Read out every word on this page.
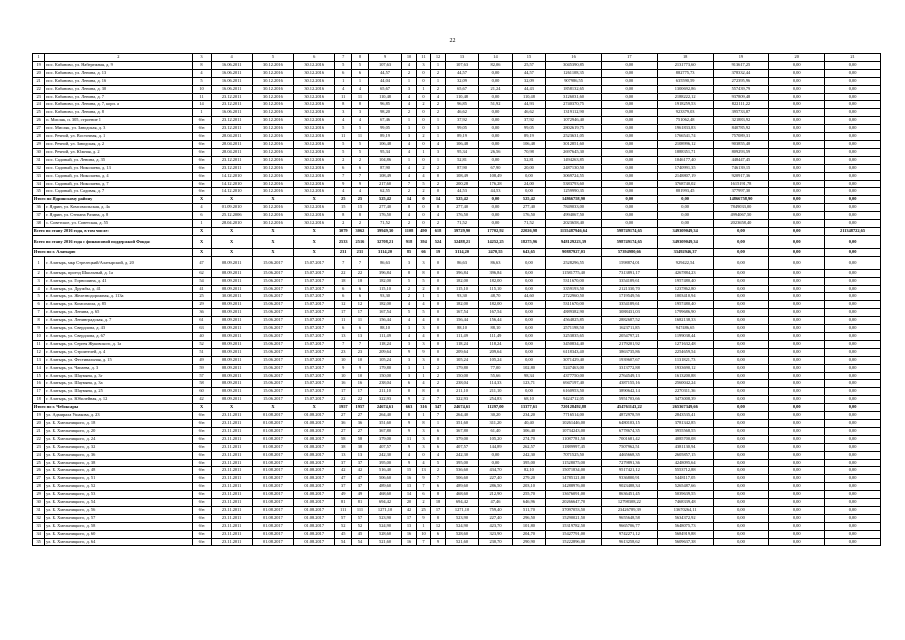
22
1	2	3	4	5	6	7	8	9	10	11	12	13	14	15	16	17	18	19	20	21
19	пос. Кабаново, ул. Набережная, д. 9	8	16.06.2011	30.12.2016	30.12.2016	5	5	107,63	4	3	1	107,63	82,06	25,57	3045390,85	0,00	2131773,60	913617,25	0,00	0,00
20	пос. Кабаново, ул. Ленина, д. 13	4	16.06.2011	30.12.2016	30.12.2016	6	6	44,57	2	0	2	44,57	0,00	44,57	1261108,35	0,00	882775,73	378332,44	0,00	0,00
21	пос. Кабаново, ул. Ленина, д. 16	5	16.06.2011	30.12.2016	30.12.2016	1	1	44,04	1	0	1	32,09	0,00	32,09	907986,55	0,00	635590,59	272395,96	0,00	0,00
22	пос. Кабаново, ул. Ленина, д. 30	10	16.06.2011	30.12.2016	30.12.2016	4	4	65,67	3	1	2	65,67	21,24	44,43	1858132,65	0,00	1300692,86	557439,79	0,00	0,00
23	пос. Кабаново, ул. Ленина, д. 7	11	23.12.2011	30.12.2016	30.12.2016	11	11	110,48	4	0	4	110,48	0,00	110,48	3126031,60	0,00	2188222,12	937809,48	0,00	0,00
24	пос. Кабаново, ул. Ленина, д. 7, корп. а	14	23.12.2011	30.12.2016	30.12.2016	8	8	96,85	4	2	2	96,85	51,92	44,93	2740370,75	0,00	1918259,53	822111,22	0,00	0,00
25	пос. Кабаново, ул. Ленина, д. 8	1	16.06.2011	30.12.2016	30.12.2016	3	3	98,20	2	0	2	46,62	0,00	46,62	1319112,90	0,00	923379,03	395733,87	0,00	0,00
26	п. Мисляк, п. 305, строение 1	б/н	23.12.2011	30.12.2016	30.12.2016	4	4	67,46	1	0	1	37,92	0,00	37,92	1072946,40	0,00	751062,48	321883,92	0,00	0,00
27	пос. Мисляк, ул. Заводская, д. 3	б/н	23.12.2011	30.12.2016	30.12.2016	5	5	99,05	3	0	3	99,05	0,00	99,05	2802619,75	0,00	1961833,83	840785,92	0,00	0,00
28	пос. Речной, ул. Восточная, д. 1	б/н	28.04.2011	30.12.2016	30.12.2016	11	11	89,19	3	2	1	89,19	0,00	89,19	2523631,05	0,00	1766541,74	757089,31	0,00	0,00
29	пос. Речной, ул. Заводская, д. 2	б/н	28.04.2011	30.12.2016	30.12.2016	5	5	106,48	4	0	4	106,48	0,00	106,48	3012851,60	0,00	2108996,12	903855,48	0,00	0,00
30	пос. Речной, ул. Южная, д. 2	б/н	28.04.2011	30.12.2016	30.12.2016	5	5	95,34	4	1	3	95,34	26,56	70,98	2697645,30	0,00	1888351,71	809293,59	0,00	0,00
31	пос. Садовый, ул. Ленина, д. 35	б/н	23.12.2011	30.12.2016	30.12.2016	2	2	104,86	1	0	1	52,81	0,00	52,81	1494263,85	0,00	1046177,40	448447,45	0,00	0,00
32	пос. Садовый, ул. Николаева, д. 13	б/н	23.12.2011	30.12.2016	30.12.2016	6	6	87,90	4	2	2	87,90	67,90	20,00	2487130,50	0,00	1740991,35	746139,15	0,00	0,00
33	пос. Садовый, ул. Николаева, д. 4	б/н	14.12.2010	30.12.2016	30.12.2016	7	7	108,49	4	4	0	108,49	108,49	0,00	3069724,55	0,00	2148807,19	920917,36	0,00	0,00
34	пос. Садовый, ул. Николаева, д. 7	б/н	14.12.2010	30.12.2016	30.12.2016	9	9	217,60	7	5	2	200,28	176,28	24,00	5383793,60	0,00	3768740,02	1615191,78	0,00	0,00
35	пос. Садовый, ул. Садовая, д. 7	б/н	14.12.2010	30.12.2016	30.12.2016	4	4	62,55	2	2	0	44,53	44,53	0,00	1259990,35	0,00	881993,45	377997,30	0,00	0,00
Итого по Ядринскому району		X	X	X	X	25	25	525,42	14	0	14	525,42	0,00	525,42	14866758,90	0,00	0,00	14866758,90	0,00	0,00
36	г. Ядрин, ул. Комсомольская, д. 4а	4	01.09.2010	30.12.2016	30.12.2016	15	15	277,40	8	0	8	277,40	0,00	277,40	7849033,00	0,00	0,00	7849033,00	0,00	0,00
37	г. Ядрин, ул. Степана Разина, д. 8	6	25.12.2006	30.12.2016	30.12.2016	8	8	176,50	4	0	4	176,50	0,00	176,50	4994067,50	0,00	0,00	4994067,50	0,00	0,00
38	с. Советское, ул. Советская, д. 55	1	28.04.2010	30.12.2016	30.12.2016	2	2	71,52	2	0	2	71,52	0,00	71,52	2023658,40	0,00	0,00	2023658,40	0,00	0,00
Всего по этапу 2016 года, в том числе:		X	X	X	X	3079	3062	39949,30	1108	490	618	39729,90	17702,92	22026,98	1155487946,64	598749174,65	349309049,34	0,00	0,00	211348722,65
Всего по этапу 2016 года с финансовой поддержкой Фонда:		X	X	X	X	2533	2516	32708,21	918	394	524	32488,21	14252,25	18275,96	948129223,39	598749174,65	349309049,34	0,00	0,00	0,00
Итого по г. Алатырю		X	X	X	X	231	231	3114,20	85	66	19	3114,20	2470,55	643,65	90887927,03	57394980,66	33492946,37	0,00	0,00	0,00
1	г. Алатырь, мкр Стрелецкий/Алатырский, д. 20	47	08.09.2011	15.06.2017	15.07.2017	7	7	86,63	3	3	0	86,63	86,63	0,00	2528296,55	1598874,01	929422,54	0,00	0,00	0,00
2	г. Алатырь, проезд Школьный, д. 1а	62	08.09.2011	15.06.2017	15.07.2017	22	22	396,84	8	8	0	396,84	396,84	0,00	11581775,40	7313891,17	4267884,23	0,00	0,00	0,00
3	г. Алатырь, ул. Горношина, д. 41	54	08.09.2011	15.06.2017	15.07.2017	18	18	182,00	5	5	0	182,00	182,00	0,00	5311670,00	3354189,61	1957480,40	0,00	0,00	0,00
4	г. Алатырь, ул. Дружбы, д. 41	41	08.09.2011	15.06.2017	15.07.2017	6	6	115,10	2	2	0	115,10	115,10	0,00	3359193,50	2121330,70	1237862,80	0,00	0,00	0,00
5	г. Алатырь, ул. Железнодорожная, д. 113а	25	30.08.2011	15.06.2017	15.07.2017	6	6	93,30	2	1	1	93,30	48,70	44,60	2722960,50	1719549,56	1003410,94	0,00	0,00	0,00
6	г. Алатырь, ул. Комсомола, д. 85	29	08.09.2011	15.06.2017	15.07.2017	12	12	182,00	4	4	0	182,00	182,00	0,00	5311670,00	3354189,61	1957480,40	0,00	0,00	0,00
7	г. Алатырь, ул. Ленина, д. 65	36	08.09.2011	15.06.2017	15.07.2017	17	17	167,54	5	5	0	167,54	167,54	0,00	4889382,90	3088431,03	1799686,90	0,00	0,00	0,00
8	г. Алатырь, ул. Ленинградская, д. 7	61	08.09.2011	15.06.2017	15.07.2017	11	11	156,44	4	4	0	156,44	156,44	0,00	4564825,85	2882687,52	1682138,33	0,00	0,00	0,00
9	г. Алатырь, ул. Свердлова, д. 43	63	08.09.2011	15.06.2017	15.07.2017	6	6	88,10	3	3	0	88,10	88,10	0,00	2571198,50	1623711,85	947486,65	0,00	0,00	0,00
10	г. Алатырь, ул. Свердлова, д. 67	40	08.09.2011	15.06.2017	15.07.2017	13	13	111,49	4	4	0	111,49	111,49	0,00	3253835,65	2054797,21	1199038,44	0,00	0,00	0,00
11	г. Алатырь, ул. Сергея Жуковского, д. 1а	52	08.09.2011	15.06.2017	15.07.2017	7	7	118,24	3	3	0	118,24	118,24	0,00	3450834,40	2179201,92	1271632,48	0,00	0,00	0,00
12	г. Алатырь, ул. Строителей, д. 4	51	08.09.2011	15.06.2017	15.07.2017	23	23	209,64	9	9	0	209,64	209,64	0,00	6118343,40	3863735,86	2254659,54	0,00	0,00	0,00
13	г. Алатырь, ул. Фестивальная, д. 15	49	08.09.2011	15.06.2017	15.07.2017	10	10	105,24	3	3	0	105,24	105,24	0,00	3071429,40	1939607,67	1131821,73	0,00	0,00	0,00
14	г. Алатырь, ул. Чапаева, д. 3	59	08.09.2011	15.06.2017	15.07.2017	9	9	179,80	3	1	2	179,80	77,00	102,80	5247463,00	3313772,88	1933690,12	0,00	0,00	0,00
15	г. Алатырь, ул. Шаумяна, д. 3г	57	08.09.2011	15.06.2017	15.07.2017	10	10	150,00	3	1	2	150,00	55,66	98,34	4377750,00	2764549,13	1613200,88	0,00	0,00	0,00
16	г. Алатырь, ул. Шаумяна, д. 3а	58	08.09.2011	15.06.2017	15.07.2017	16	16	238,04	6	4	2	238,04	114,33	123,71	6947197,40	4387155,16	2560042,24	0,00	0,00	0,00
17	г. Алатырь, ул. Шаумяна, д. 25	60	08.09.2011	15.06.2017	15.07.2017	17	17	211,10	8	8	0	211,10	211,10	0,00	6160953,50	3890642,14	2270311,36	0,00	0,00	0,00
18	г. Алатырь, ул. Юбилейная, д. 12	42	08.09.2011	15.06.2017	15.07.2017	22	22	322,93	9	2	7	322,93	254,83	68,10	9424712,05	5951703,66	3473008,39	0,00	0,00	0,00
Итого по г. Чебоксары		X	X	X	X	1957	1957	24674,61	663	316	347	24674,61	11297,00	13377,61	720128492,88	454761143,22	265367349,66	0,00	0,00	0,00
19	ул. Адмирала Ушакова, д. 23	б/н	23.11.2011	01.08.2017	01.08.2017	27	27	264,40	8	1	7	264,40	30,20	234,20	7716514,00	4872978,59	2843535,41	0,00	0,00	0,00
20	ул. Б. Хмельницкого, д. 18	б/н	23.11.2011	01.08.2017	01.08.2017	36	36	351,60	9	8	1	351,60	311,20	40,40	10261446,00	6480103,15	3781342,85	0,00	0,00	0,00
21	ул. Б. Хмельницкого, д. 20	б/н	23.11.2011	01.08.2017	01.08.2017	27	27	367,80	9	3	6	367,80	61,40	306,40	10734243,00	6778674,35	3955568,55	0,00	0,00	0,00
22	ул. Б. Хмельницкого, д. 24	б/н	23.11.2011	01.08.2017	01.08.2017	58	58	379,00	11	3	8	379,00	105,20	274,70	11087781,50	7001681,42	4085700,08	0,00	0,00	0,00
23	ул. Б. Хмельницкого, д. 32	б/н	23.11.2011	01.08.2017	01.08.2017	38	38	407,57	9	3	6	407,57	144,89	262,57	11889997,45	7507962,51	4381130,94	0,00	0,00	0,00
24	ул. Б. Хмельницкого, д. 36	б/н	23.11.2011	01.08.2017	01.08.2017	13	13	242,30	4	0	4	242,30	0,00	242,30	7071525,50	4465668,35	2605857,15	0,00	0,00	0,00
25	ул. Б. Хмельницкого, д. 38	б/н	23.11.2011	01.08.2017	01.08.2017	37	37	395,00	9	4	5	395,00	0,00	395,00	11528075,00	7279891,36	4248095,64	0,00	0,00	0,00
26	ул. Б. Хмельницкого, д. 48	б/н	23.11.2011	01.08.2017	01.08.2017	42	42	516,40	15	13	2	536,60	434,70	82,10	15071834,00	9517421,12	5553712,88	0,00	0,00	0,00
27	ул. Б. Хмельницкого, д. 51	б/н	23.11.2011	01.08.2017	01.08.2017	47	47	506,60	16	9	7	506,60	227,40	279,20	14785121,00	9336800,91	5448117,05	0,00	0,00	0,00
28	ул. Б. Хмельницкого, д. 52	б/н	23.11.2011	01.08.2017	01.08.2017	37	37	489,60	13	7	6	489,60	286,50	203,10	14288976,00	9023488,34	5265487,66	0,00	0,00	0,00
29	ул. Б. Хмельницкого, д. 53	б/н	23.11.2011	01.08.2017	01.08.2017	49	49	468,60	14	6	8	468,60	212,90	255,70	13676091,00	8636451,45	5039639,55	0,00	0,00	0,00
30	ул. Б. Хмельницкого, д. 54	б/н	23.11.2011	01.08.2017	01.08.2017	81	81	694,42	20	2	18	694,42	47,46	646,96	20266647,70	12798308,22	7468339,48	0,00	0,00	0,00
31	ул. Б. Хмельницкого, д. 56	б/н	23.11.2011	01.08.2017	01.08.2017	111	111	1271,10	42	25	17	1271,10	759,40	511,70	37097053,50	23426789,39	13670264,11	0,00	0,00	0,00
32	ул. Б. Хмельницкого, д. 57	б/н	23.11.2011	01.08.2017	01.08.2017	57	57	523,90	17	9	8	523,90	227,40	296,50	15290021,50	9655648,58	5634372,92	0,00	0,00	0,00
33	ул. Б. Хмельницкого, д. 58	б/н	23.11.2011	01.08.2017	01.08.2017	52	52	524,90	13	1	12	524,90	423,70	101,80	15319782,50	9665706,77	5648075,73	0,00	0,00	0,00
34	ул. Б. Хмельницкого, д. 60	б/н	23.11.2011	01.08.2017	01.08.2017	45	45	528,60	16	10	6	528,60	323,90	204,70	15427791,00	9742271,12	5684919,88	0,00	0,00	0,00
35	ул. Б. Хмельницкого, д. 64	б/н	23.11.2011	01.08.2017	01.08.2017	54	54	521,60	16	7	9	521,60	230,70	290,90	15222896,00	9613258,62	5609637,38	0,00	0,00	0,00
